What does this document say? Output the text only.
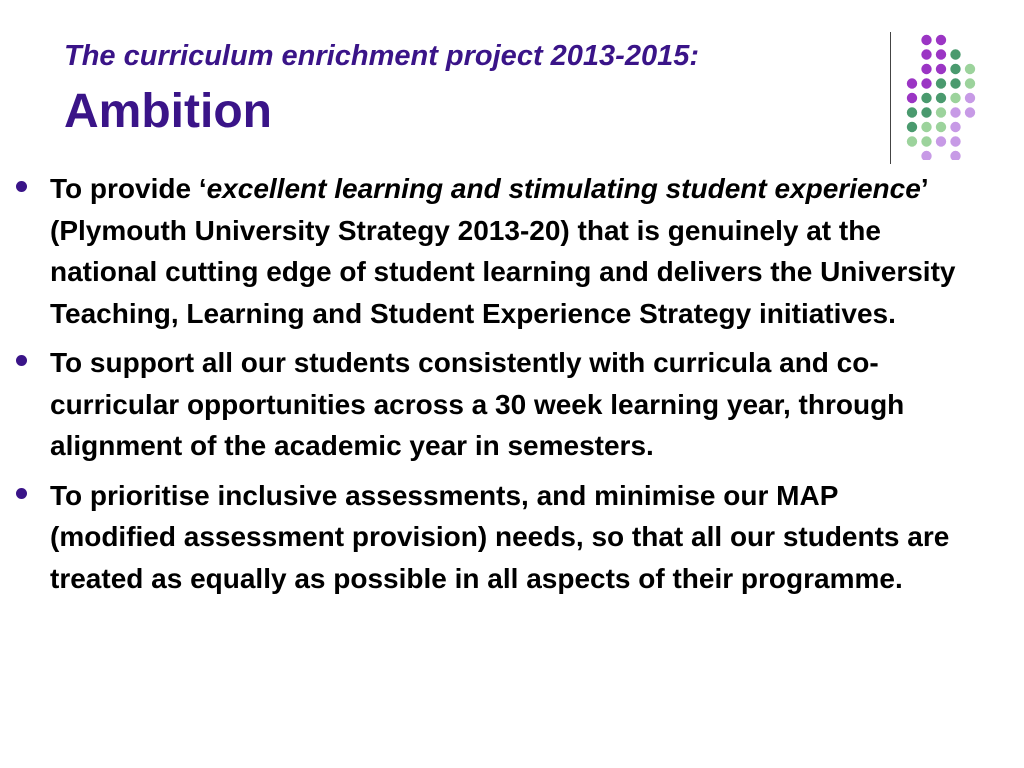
The curriculum enrichment project 2013-2015:
Ambition
To provide ‘excellent learning and stimulating student experience’ (Plymouth University Strategy 2013-20) that is genuinely at the national cutting edge of student learning and delivers the University Teaching, Learning and Student Experience Strategy initiatives.
To support all our students consistently with curricula and co-curricular opportunities across a 30 week learning year, through alignment of the academic year in semesters.
To prioritise inclusive assessments, and minimise our MAP (modified assessment provision) needs, so that all our students are treated as equally as possible in all aspects of their programme.
